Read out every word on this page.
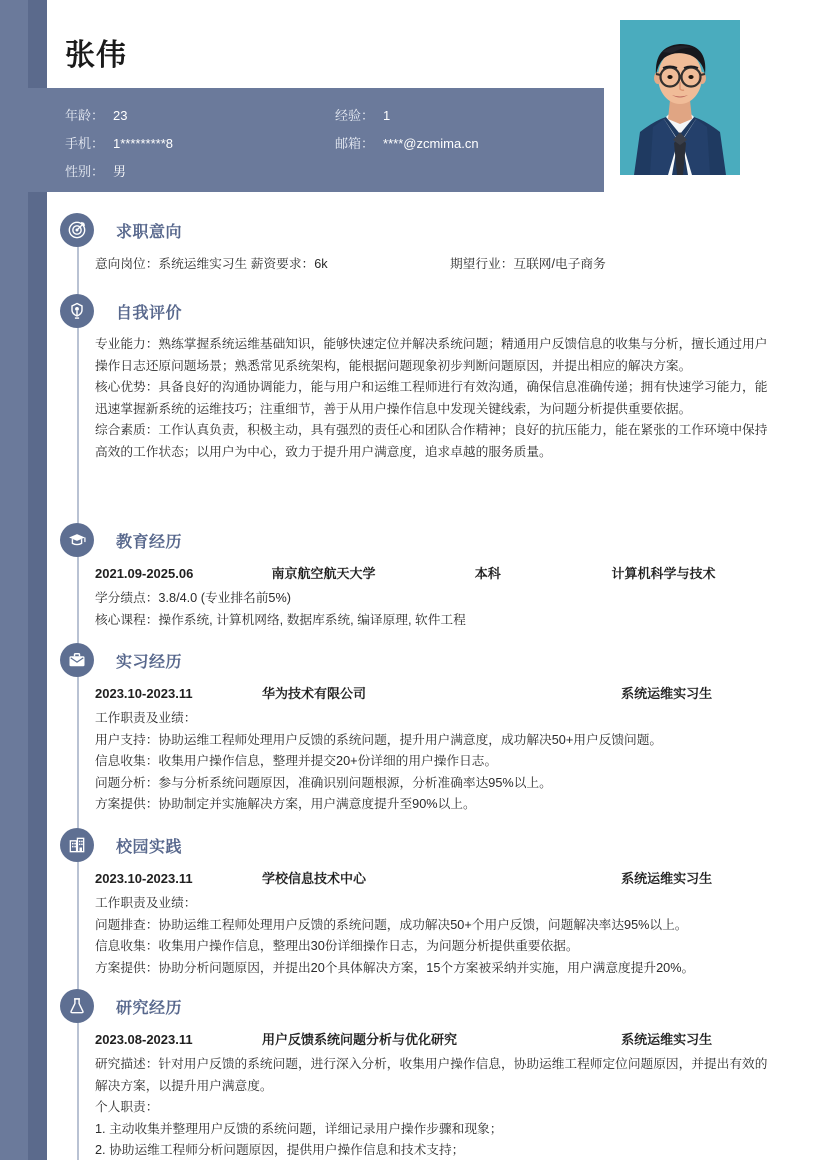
张伟
年龄： 23	经验： 1
手机： 1*********8	邮箱： ****@zcmima.cn
性别： 男
求职意向
意向岗位：系统运维实习生 薪资要求：6k	期望行业：互联网/电子商务
自我评价
专业能力：熟练掌握系统运维基础知识，能够快速定位并解决系统问题；精通用户反馈信息的收集与分析，擅长通过用户操作日志还原问题场景；熟悉常见系统架构，能根据问题现象初步判断问题原因，并提出相应的解决方案。
核心优势：具备良好的沟通协调能力，能与用户和运维工程师进行有效沟通，确保信息准确传递；拥有快速学习能力，能迅速掌握新系统的运维技巧；注重细节，善于从用户操作信息中发现关键线索，为问题分析提供重要依据。
综合素质：工作认真负责，积极主动，具有强烈的责任心和团队合作精神；良好的抗压能力，能在紧张的工作环境中保持高效的工作状态；以用户为中心，致力于提升用户满意度，追求卓越的服务质量。
教育经历
2021.09-2025.06	南京航空航天大学	本科	计算机科学与技术
学分绩点：3.8/4.0 (专业排名前5%)
核心课程：操作系统, 计算机网络, 数据库系统, 编译原理, 软件工程
实习经历
2023.10-2023.11	华为技术有限公司	系统运维实习生
工作职责及业绩：
用户支持：协助运维工程师处理用户反馈的系统问题，提升用户满意度，成功解决50+用户反馈问题。
信息收集：收集用户操作信息，整理并提交20+份详细的用户操作日志。
问题分析：参与分析系统问题原因，准确识别问题根源，分析准确率达95%以上。
方案提供：协助制定并实施解决方案，用户满意度提升至90%以上。
校园实践
2023.10-2023.11	学校信息技术中心	系统运维实习生
工作职责及业绩：
问题排查：协助运维工程师处理用户反馈的系统问题，成功解决50+个用户反馈，问题解决率达95%以上。
信息收集：收集用户操作信息，整理出30份详细操作日志，为问题分析提供重要依据。
方案提供：协助分析问题原因，并提出20个具体解决方案，15个方案被采纳并实施，用户满意度提升20%。
研究经历
2023.08-2023.11	用户反馈系统问题分析与优化研究	系统运维实习生
研究描述：针对用户反馈的系统问题，进行深入分析，收集用户操作信息，协助运维工程师定位问题原因，并提出有效的解决方案，以提升用户满意度。
个人职责：
1. 主动收集并整理用户反馈的系统问题，详细记录用户操作步骤和现象；
2. 协助运维工程师分析问题原因，提供用户操作信息和技术支持；
